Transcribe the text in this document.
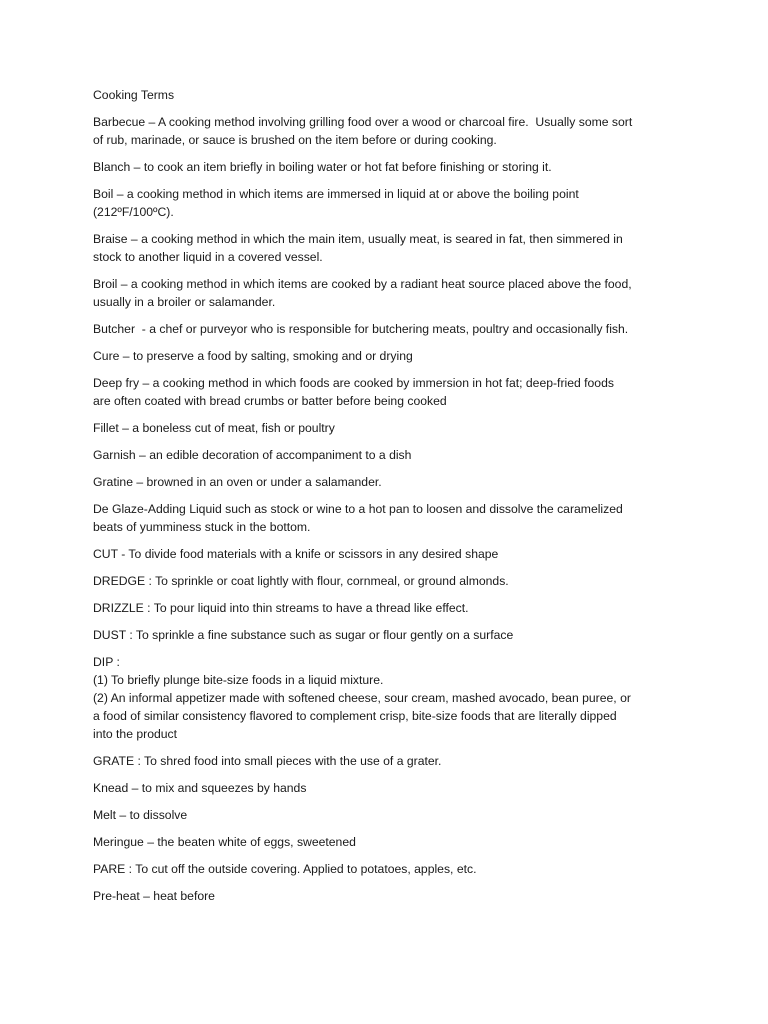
Cooking Terms
Barbecue – A cooking method involving grilling food over a wood or charcoal fire.  Usually some sort
of rub, marinade, or sauce is brushed on the item before or during cooking.
Blanch – to cook an item briefly in boiling water or hot fat before finishing or storing it.
Boil – a cooking method in which items are immersed in liquid at or above the boiling point
(212ºF/100ºC).
Braise – a cooking method in which the main item, usually meat, is seared in fat, then simmered in
stock to another liquid in a covered vessel.
Broil – a cooking method in which items are cooked by a radiant heat source placed above the food,
usually in a broiler or salamander.
Butcher  - a chef or purveyor who is responsible for butchering meats, poultry and occasionally fish.
Cure – to preserve a food by salting, smoking and or drying
Deep fry – a cooking method in which foods are cooked by immersion in hot fat; deep-fried foods
are often coated with bread crumbs or batter before being cooked
Fillet – a boneless cut of meat, fish or poultry
Garnish – an edible decoration of accompaniment to a dish
Gratine – browned in an oven or under a salamander.
De Glaze-Adding Liquid such as stock or wine to a hot pan to loosen and dissolve the caramelized
beats of yumminess stuck in the bottom.
CUT - To divide food materials with a knife or scissors in any desired shape
DREDGE : To sprinkle or coat lightly with flour, cornmeal, or ground almonds.
DRIZZLE : To pour liquid into thin streams to have a thread like effect.
DUST : To sprinkle a fine substance such as sugar or flour gently on a surface
DIP :
(1) To briefly plunge bite-size foods in a liquid mixture.
(2) An informal appetizer made with softened cheese, sour cream, mashed avocado, bean puree, or
a food of similar consistency flavored to complement crisp, bite-size foods that are literally dipped
into the product
GRATE : To shred food into small pieces with the use of a grater.
Knead – to mix and squeezes by hands
Melt – to dissolve
Meringue – the beaten white of eggs, sweetened
PARE : To cut off the outside covering. Applied to potatoes, apples, etc.
Pre-heat – heat before
